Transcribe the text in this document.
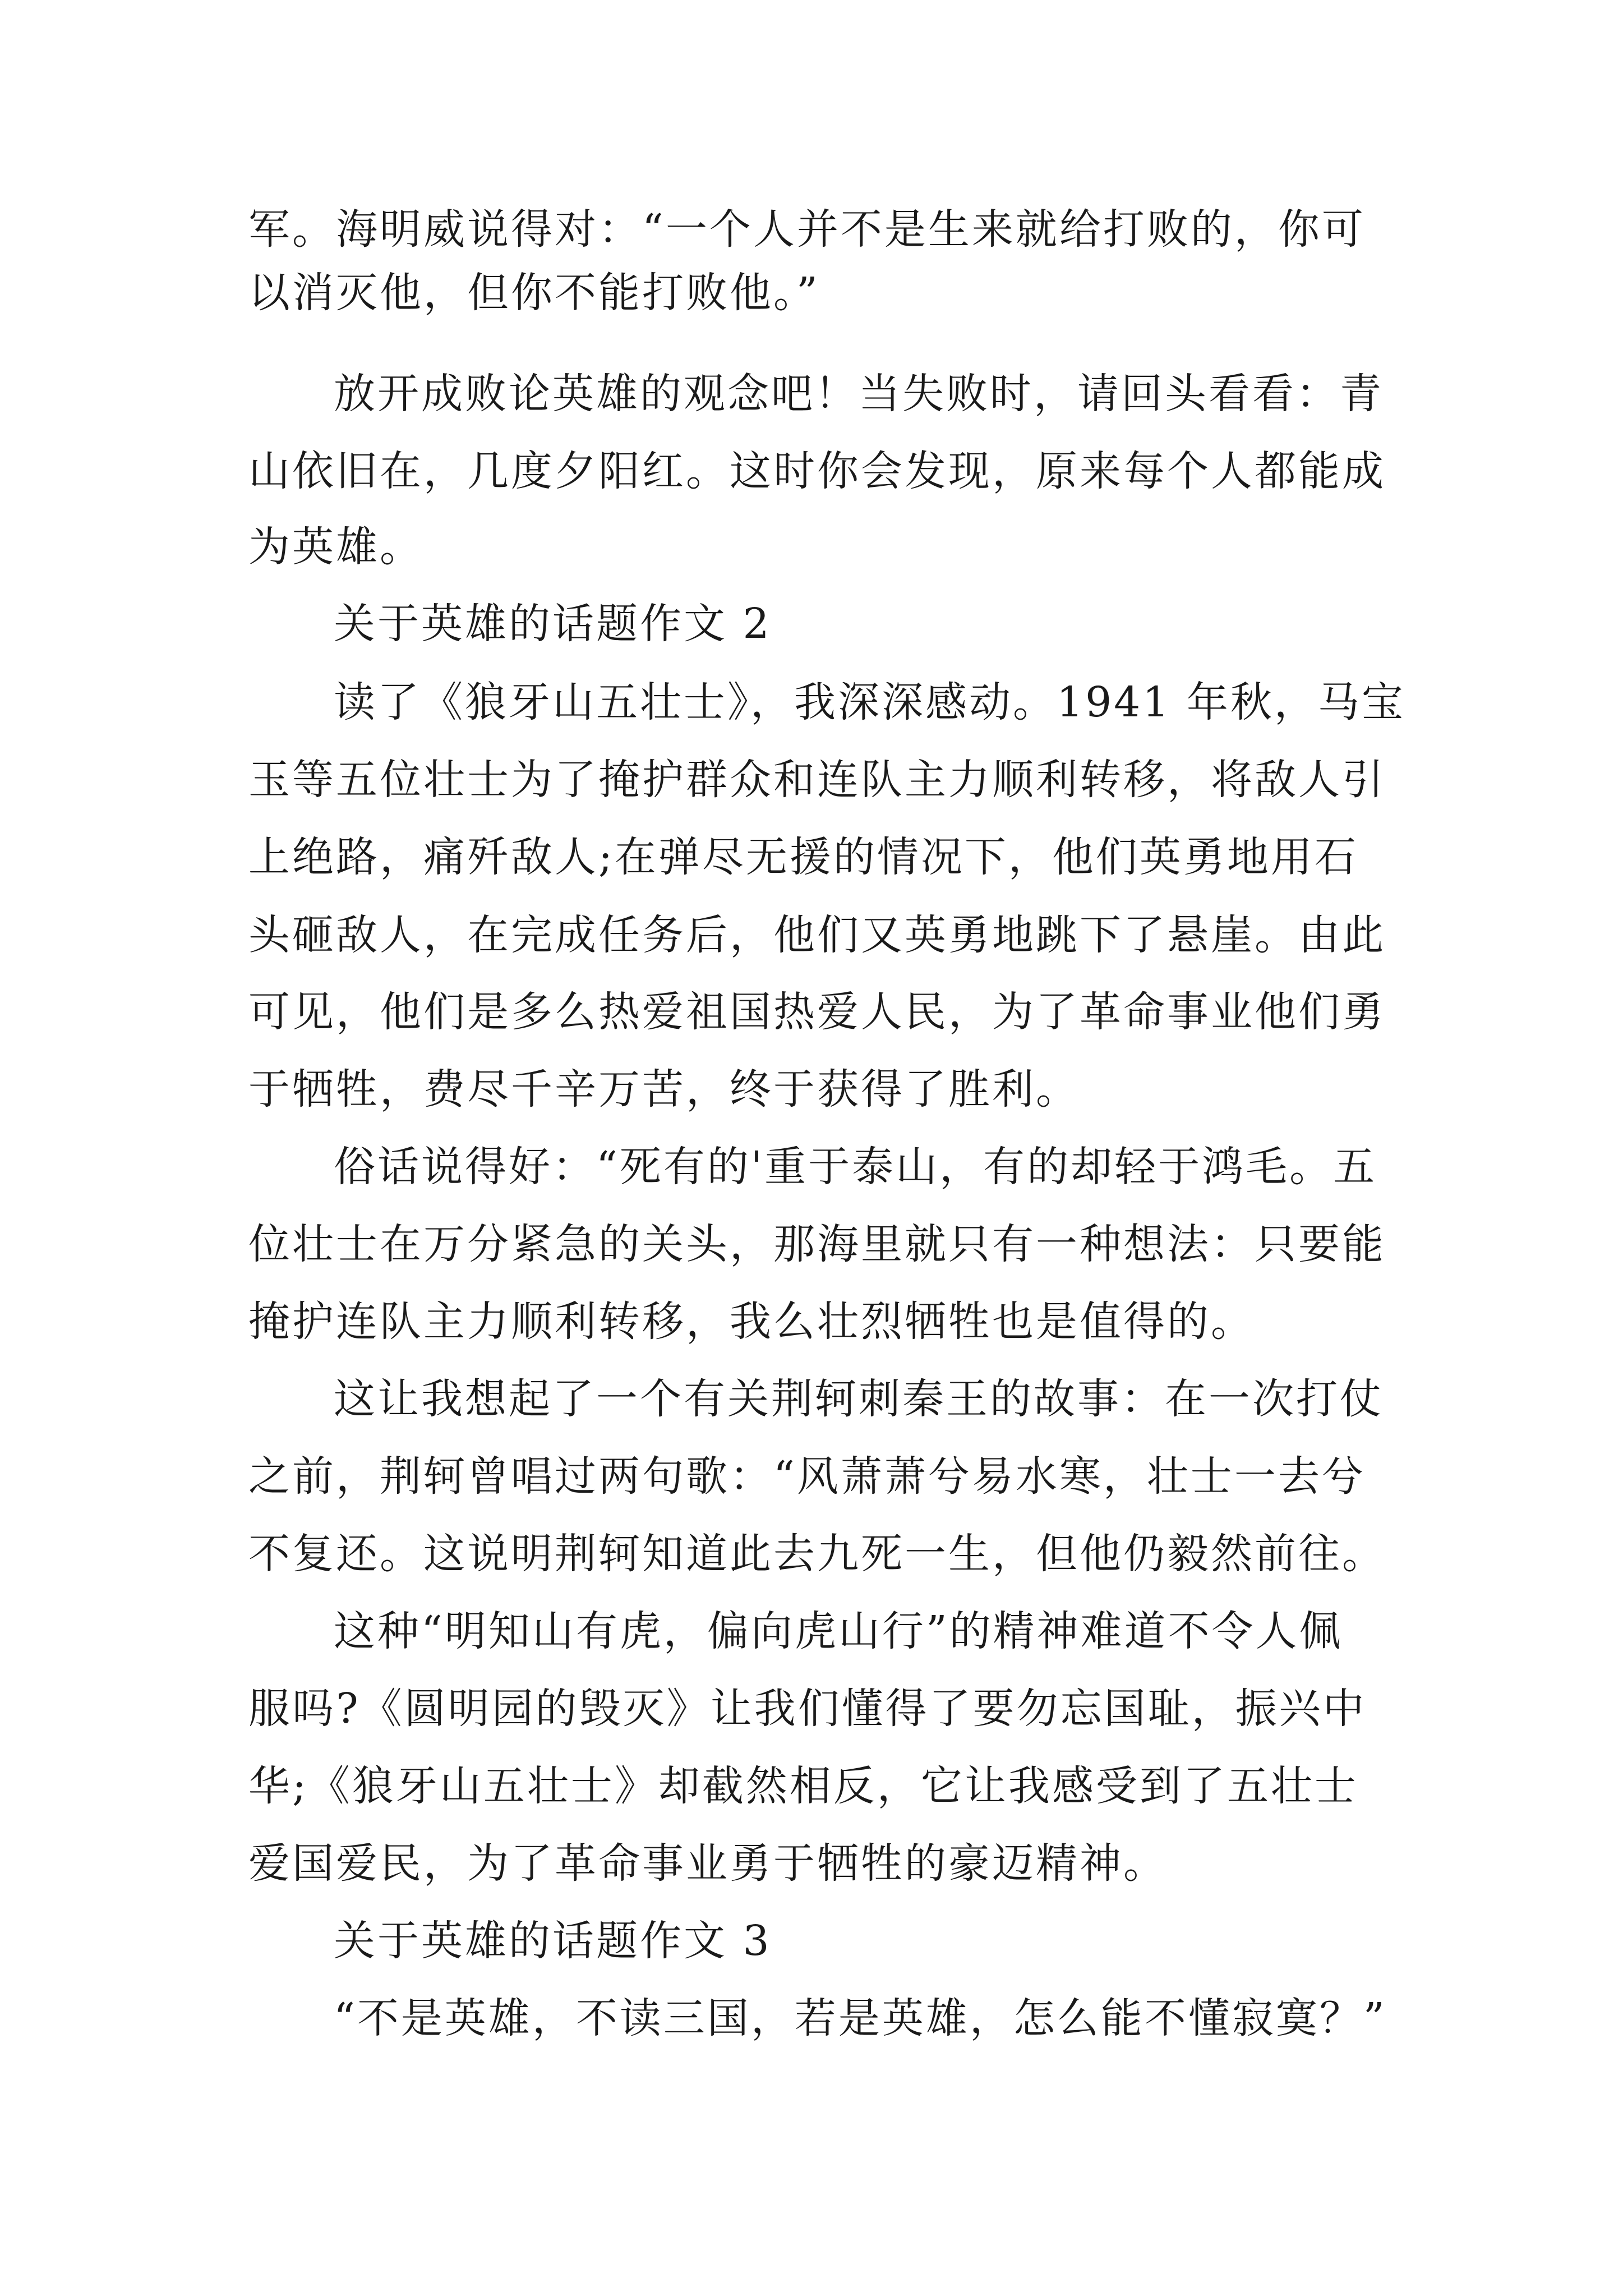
军。海明威说得对：“一个人并不是生来就给打败的，你可
以消灭他，但你不能打败他。”
放开成败论英雄的观念吧！当失败时，请回头看看：青
山依旧在，几度夕阳红。这时你会发现，原来每个人都能成
为英雄。
关于英雄的话题作文 2
读了《狼牙山五壮士》，我深深感动。1941 年秋，马宝
玉等五位壮士为了掩护群众和连队主力顺利转移，将敌人引
上绝路，痛歼敌人;在弹尽无援的情况下，他们英勇地用石
头砸敌人，在完成任务后，他们又英勇地跳下了悬崖。由此
可见，他们是多么热爱祖国热爱人民，为了革命事业他们勇
于牺牲，费尽千辛万苦，终于获得了胜利。
俗话说得好：“死有的'重于泰山，有的却轻于鸿毛。五
位壮士在万分紧急的关头，那海里就只有一种想法：只要能
掩护连队主力顺利转移，我么壮烈牺牲也是值得的。
这让我想起了一个有关荆轲刺秦王的故事：在一次打仗
之前，荆轲曾唱过两句歌：“风萧萧兮易水寒，壮士一去兮
不复还。这说明荆轲知道此去九死一生，但他仍毅然前往。
这种“明知山有虎，偏向虎山行”的精神难道不令人佩
服吗?《圆明园的毁灭》让我们懂得了要勿忘国耻，振兴中
华;《狼牙山五壮士》却截然相反，它让我感受到了五壮士
爱国爱民，为了革命事业勇于牺牲的豪迈精神。
关于英雄的话题作文 3
“不是英雄，不读三国，若是英雄，怎么能不懂寂寞？”
